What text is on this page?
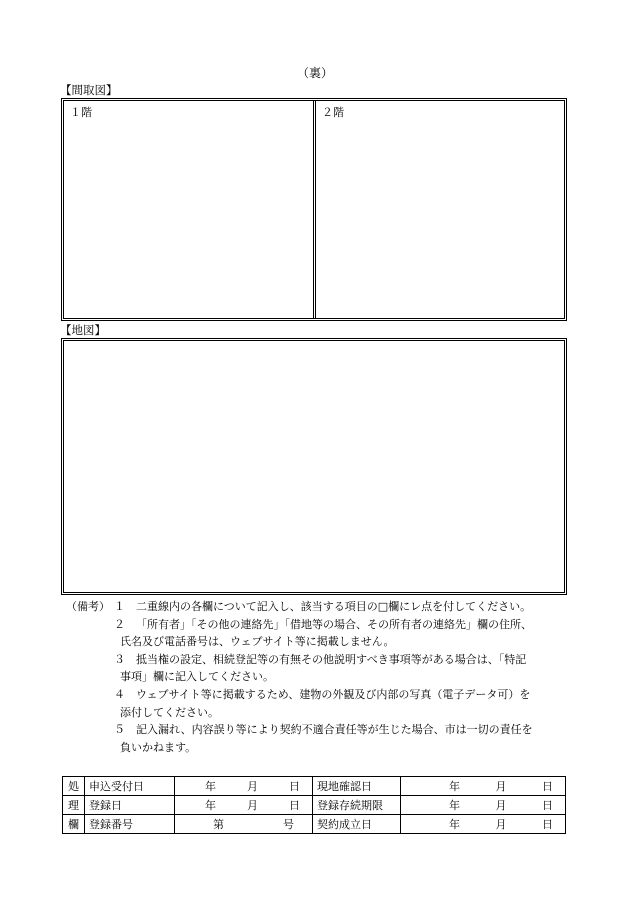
（裏）
【間取図】
１階	２階
【地図】
（備考） １	二重線内の各欄について記入し、該当する項目の□欄にレ点を付してください。
２	「所有者」「その他の連絡先」「借地等の場合、その所有者の連絡先」欄の住所、
氏名及び電話番号は、ウェブサイト等に掲載しません。
３	抵当権の設定、相続登記等の有無その他説明すべき事項等がある場合は、「特記
事項」欄に記入してください。
４	ウェブサイト等に掲載するため、建物の外観及び内部の写真（電子データ可）を
添付してください。
５	記入漏れ、内容誤り等により契約不適合責任等が生じた場合、市は一切の責任を
負いかねます。
処	申込受付日	年 月 日	現地確認日	年 月 日

理	登録日	年 月 日	登録存続期限	年 月 日

欄	登録番号	第 号	契約成立日	年 月 日
